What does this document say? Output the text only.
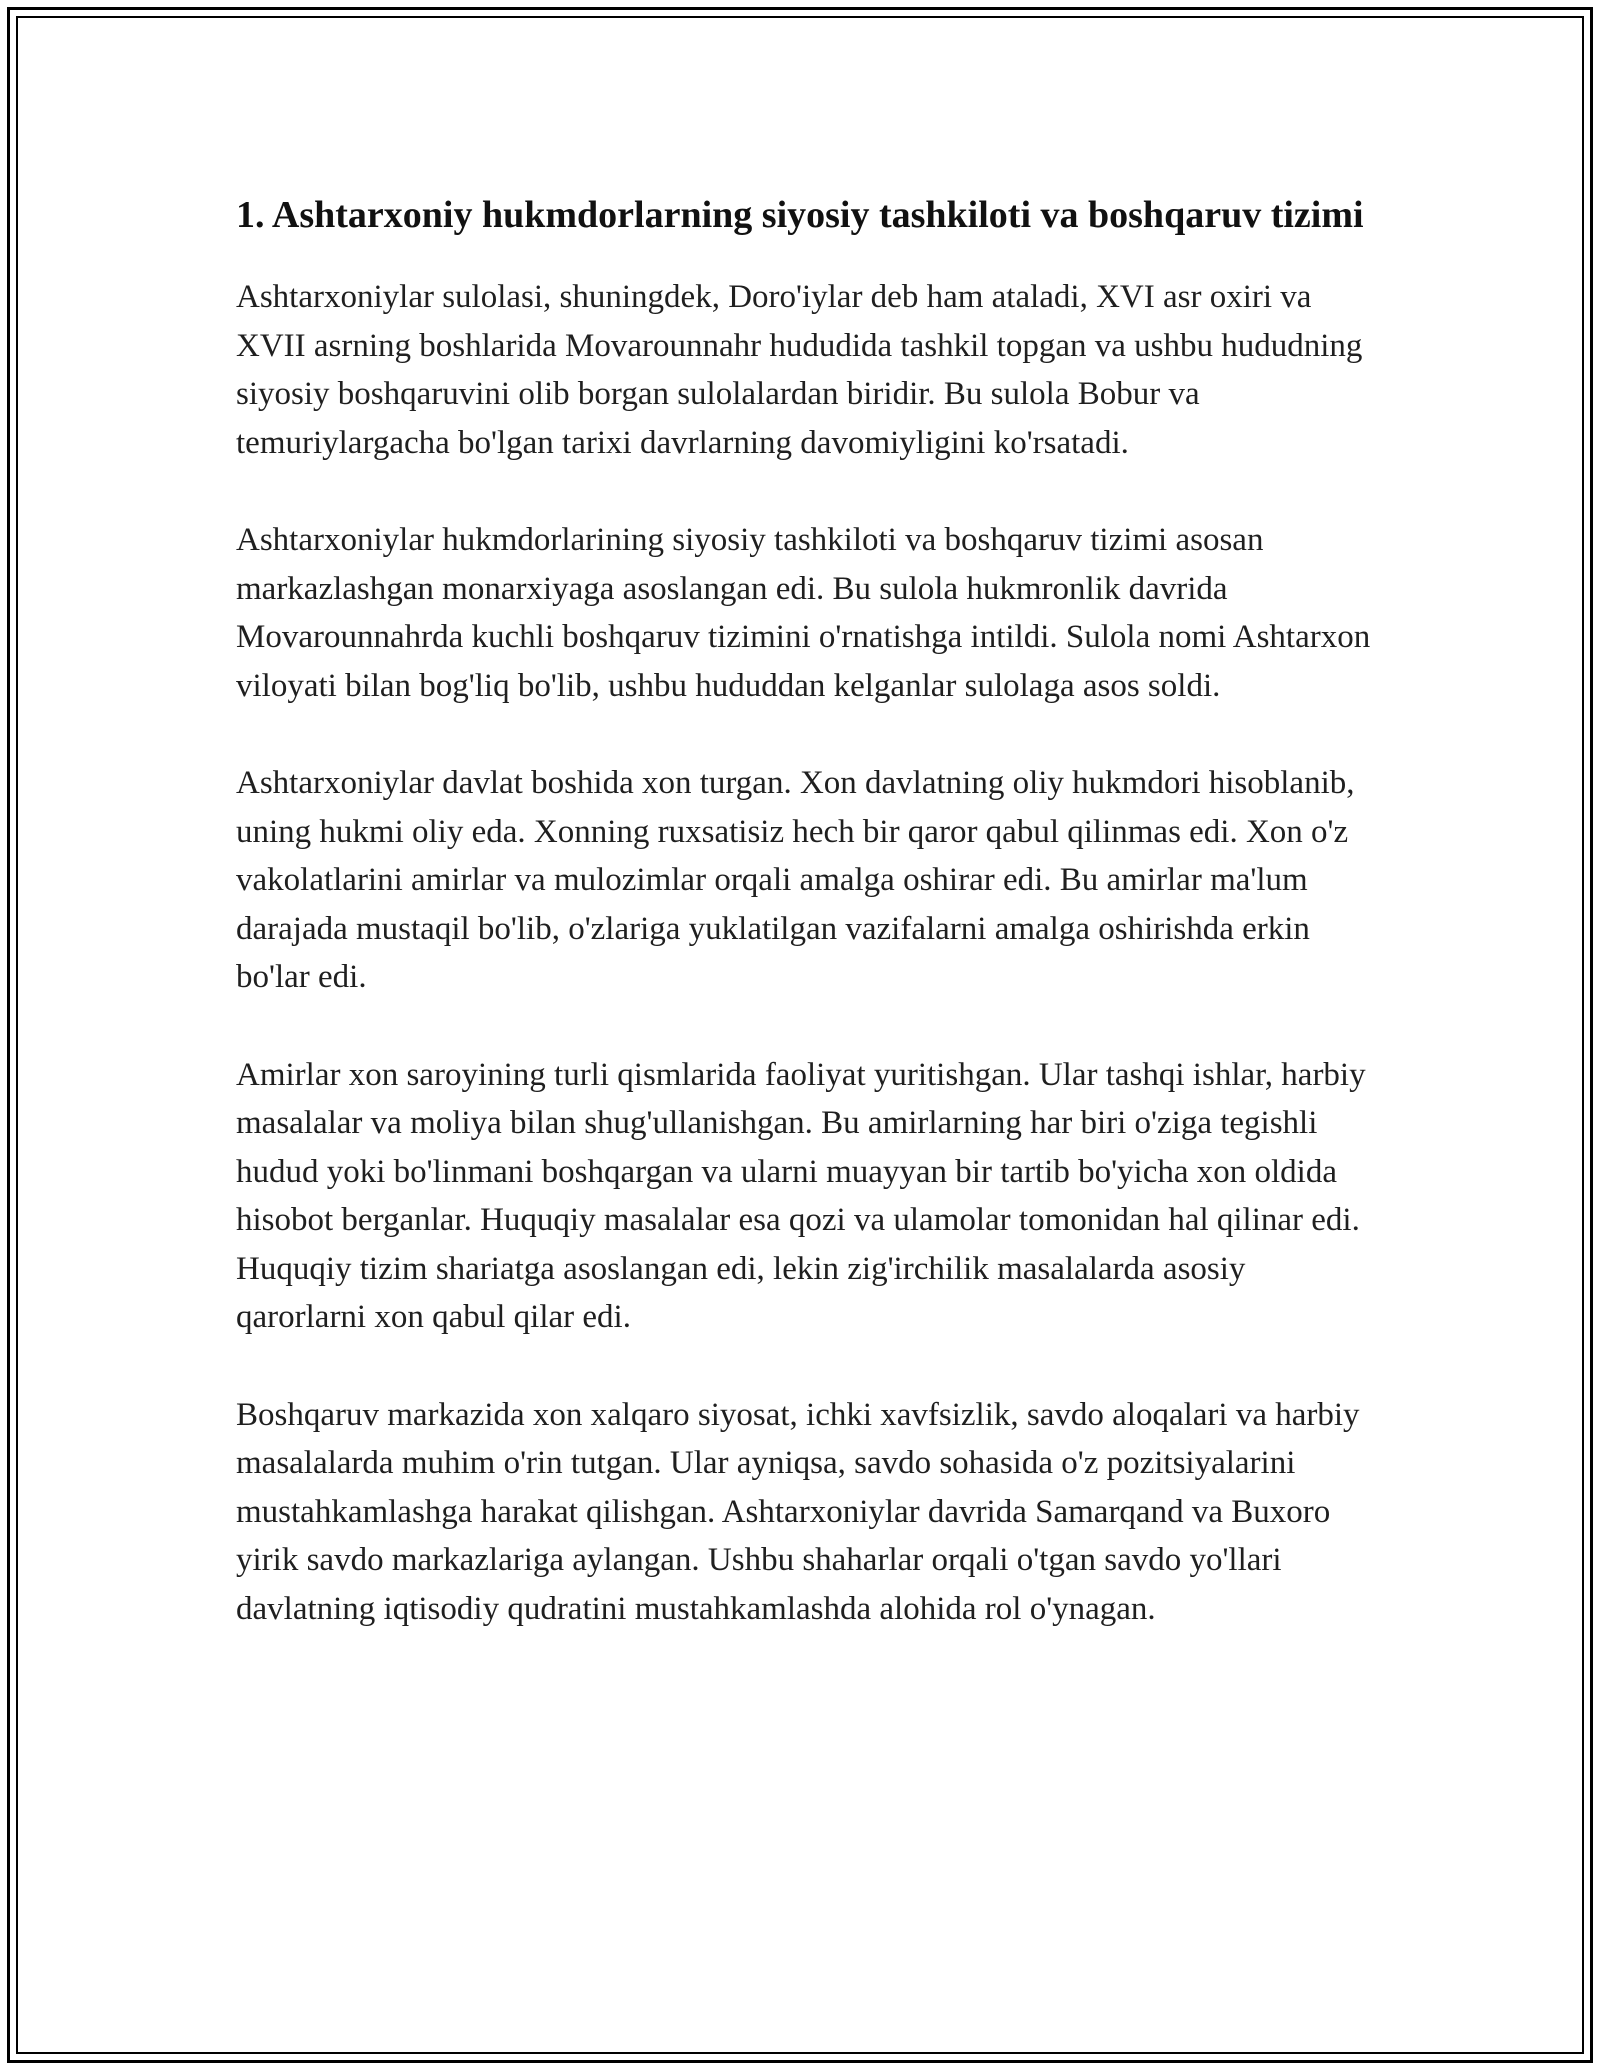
1. Ashtarxoniy hukmdorlarning siyosiy tashkiloti va boshqaruv tizimi

Ashtarxoniylar sulolasi, shuningdek, Doro'iylar deb ham ataladi, XVI asr oxiri va XVII asrning boshlarida Movarounnahr hududida tashkil topgan va ushbu hududning siyosiy boshqaruvini olib borgan sulolalardan biridir. Bu sulola Bobur va temuriylargacha bo'lgan tarixi davrlarning davomiyligini ko'rsatadi.

Ashtarxoniylar hukmdorlarining siyosiy tashkiloti va boshqaruv tizimi asosan markazlashgan monarxiyaga asoslangan edi. Bu sulola hukmronlik davrida Movarounnahrda kuchli boshqaruv tizimini o'rnatishga intildi. Sulola nomi Ashtarxon viloyati bilan bog'liq bo'lib, ushbu hududdan kelganlar sulolaga asos soldi.

Ashtarxoniylar davlat boshida xon turgan. Xon davlatning oliy hukmdori hisoblanib, uning hukmi oliy eda. Xonning ruxsatisiz hech bir qaror qabul qilinmas edi. Xon o'z vakolatlarini amirlar va mulozimlar orqali amalga oshirar edi. Bu amirlar ma'lum darajada mustaqil bo'lib, o'zlariga yuklatilgan vazifalarni amalga oshirishda erkin bo'lar edi.

Amirlar xon saroyining turli qismlarida faoliyat yuritishgan. Ular tashqi ishlar, harbiy masalalar va moliya bilan shug'ullanishgan. Bu amirlarning har biri o'ziga tegishli hudud yoki bo'linmani boshqargan va ularni muayyan bir tartib bo'yicha xon oldida hisobot berganlar. Huquqiy masalalar esa qozi va ulamolar tomonidan hal qilinar edi. Huquqiy tizim shariatga asoslangan edi, lekin zig'irchilik masalalarda asosiy qarorlarni xon qabul qilar edi.

Boshqaruv markazida xon xalqaro siyosat, ichki xavfsizlik, savdo aloqalari va harbiy masalalarda muhim o'rin tutgan. Ular ayniqsa, savdo sohasida o'z pozitsiyalarini mustahkamlashga harakat qilishgan. Ashtarxoniylar davrida Samarqand va Buxoro yirik savdo markazlariga aylangan. Ushbu shaharlar orqali o'tgan savdo yo'llari davlatning iqtisodiy qudratini mustahkamlashda alohida rol o'ynagan.
